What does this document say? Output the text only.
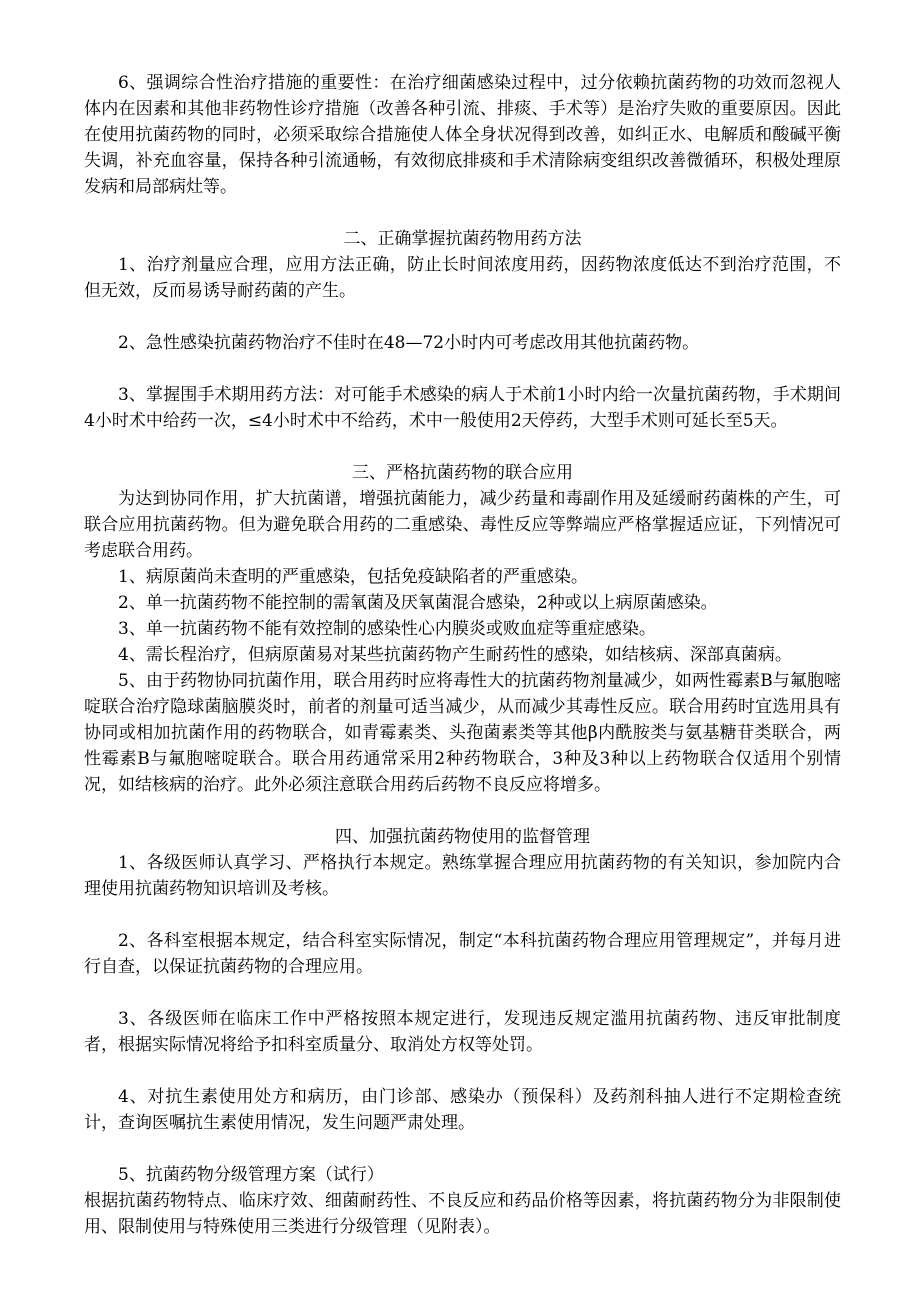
6、强调综合性治疗措施的重要性：在治疗细菌感染过程中，过分依赖抗菌药物的功效而忽视人体内在因素和其他非药物性诊疗措施（改善各种引流、排痰、手术等）是治疗失败的重要原因。因此在使用抗菌药物的同时，必须采取综合措施使人体全身状况得到改善，如纠正水、电解质和酸碱平衡失调，补充血容量，保持各种引流通畅，有效彻底排痰和手术清除病变组织改善微循环，积极处理原发病和局部病灶等。

二、正确掌握抗菌药物用药方法

1、治疗剂量应合理，应用方法正确，防止长时间浓度用药，因药物浓度低达不到治疗范围，不但无效，反而易诱导耐药菌的产生。

2、急性感染抗菌药物治疗不佳时在48—72小时内可考虑改用其他抗菌药物。

3、掌握围手术期用药方法：对可能手术感染的病人于术前1小时内给一次量抗菌药物，手术期间4小时术中给药一次，≤4小时术中不给药，术中一般使用2天停药，大型手术则可延长至5天。

三、严格抗菌药物的联合应用

为达到协同作用，扩大抗菌谱，增强抗菌能力，减少药量和毒副作用及延缓耐药菌株的产生，可联合应用抗菌药物。但为避免联合用药的二重感染、毒性反应等弊端应严格掌握适应证，下列情况可考虑联合用药。

1、病原菌尚未查明的严重感染，包括免疫缺陷者的严重感染。

2、单一抗菌药物不能控制的需氧菌及厌氧菌混合感染，2种或以上病原菌感染。

3、单一抗菌药物不能有效控制的感染性心内膜炎或败血症等重症感染。

4、需长程治疗，但病原菌易对某些抗菌药物产生耐药性的感染，如结核病、深部真菌病。

5、由于药物协同抗菌作用，联合用药时应将毒性大的抗菌药物剂量减少，如两性霉素B与氟胞嘧啶联合治疗隐球菌脑膜炎时，前者的剂量可适当减少，从而减少其毒性反应。联合用药时宜选用具有协同或相加抗菌作用的药物联合，如青霉素类、头孢菌素类等其他β内酰胺类与氨基糖苷类联合，两性霉素B与氟胞嘧啶联合。联合用药通常采用2种药物联合，3种及3种以上药物联合仅适用个别情况，如结核病的治疗。此外必须注意联合用药后药物不良反应将增多。

四、加强抗菌药物使用的监督管理

1、各级医师认真学习、严格执行本规定。熟练掌握合理应用抗菌药物的有关知识，参加院内合理使用抗菌药物知识培训及考核。

2、各科室根据本规定，结合科室实际情况，制定“本科抗菌药物合理应用管理规定”，并每月进行自查，以保证抗菌药物的合理应用。

3、各级医师在临床工作中严格按照本规定进行，发现违反规定滥用抗菌药物、违反审批制度者，根据实际情况将给予扣科室质量分、取消处方权等处罚。

4、对抗生素使用处方和病历，由门诊部、感染办（预保科）及药剂科抽人进行不定期检查统计，查询医嘱抗生素使用情况，发生问题严肃处理。

5、抗菌药物分级管理方案（试行）

根据抗菌药物特点、临床疗效、细菌耐药性、不良反应和药品价格等因素，将抗菌药物分为非限制使用、限制使用与特殊使用三类进行分级管理（见附表）。
